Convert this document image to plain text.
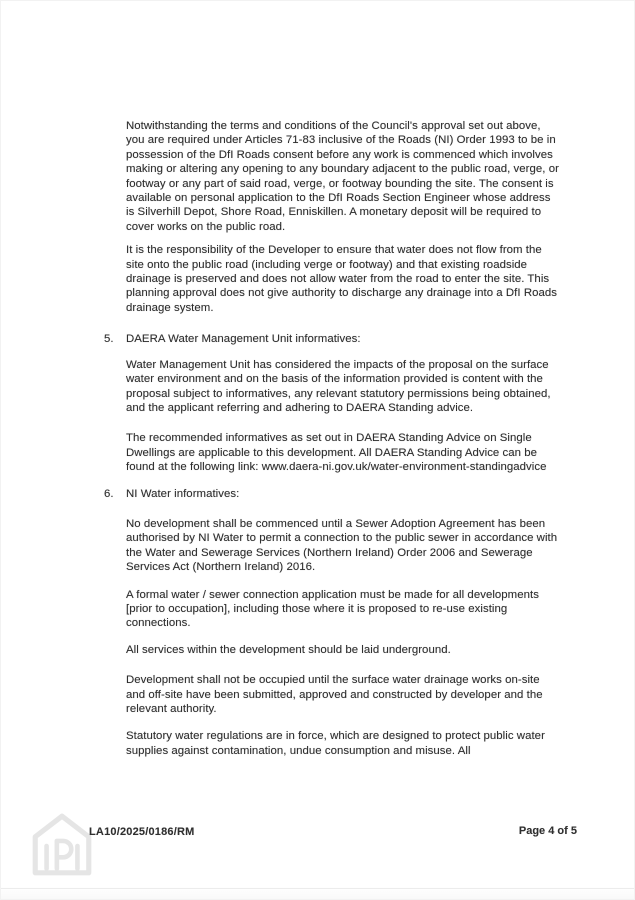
Notwithstanding the terms and conditions of the Council's approval set out above, you are required under Articles 71-83 inclusive of the Roads (NI) Order 1993 to be in possession of the DfI Roads consent before any work is commenced which involves making or altering any opening to any boundary adjacent to the public road, verge, or footway or any part of said road, verge, or footway bounding the site. The consent is available on personal application to the DfI Roads Section Engineer whose address is Silverhill Depot, Shore Road, Enniskillen. A monetary deposit will be required to cover works on the public road.

It is the responsibility of the Developer to ensure that water does not flow from the site onto the public road (including verge or footway) and that existing roadside drainage is preserved and does not allow water from the road to enter the site. This planning approval does not give authority to discharge any drainage into a DfI Roads drainage system.

5.	DAERA Water Management Unit informatives:

Water Management Unit has considered the impacts of the proposal on the surface water environment and on the basis of the information provided is content with the proposal subject to informatives, any relevant statutory permissions being obtained, and the applicant referring and adhering to DAERA Standing advice.

The recommended informatives as set out in DAERA Standing Advice on Single Dwellings are applicable to this development. All DAERA Standing Advice can be found at the following link: www.daera-ni.gov.uk/water-environment-standingadvice

6.	NI Water informatives:

No development shall be commenced until a Sewer Adoption Agreement has been authorised by NI Water to permit a connection to the public sewer in accordance with the Water and Sewerage Services (Northern Ireland) Order 2006 and Sewerage Services Act (Northern Ireland) 2016.

A formal water / sewer connection application must be made for all developments [prior to occupation], including those where it is proposed to re-use existing connections.

All services within the development should be laid underground.

Development shall not be occupied until the surface water drainage works on-site and off-site have been submitted, approved and constructed by developer and the relevant authority.

Statutory water regulations are in force, which are designed to protect public water supplies against contamination, undue consumption and misuse. All

LA10/2025/0186/RM	Page 4 of 5
